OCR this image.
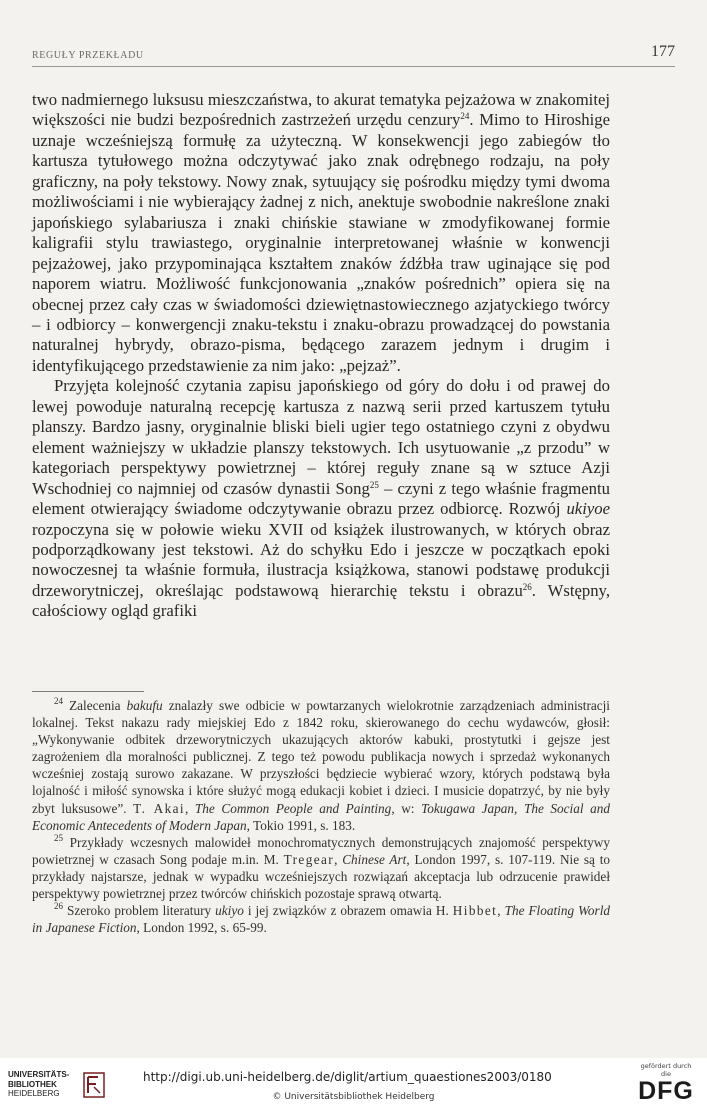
REGUŁY PRZEKŁADU	177

two nadmiernego luksusu mieszczaństwa, to akurat tematyka pejzażowa w znakomitej większości nie budzi bezpośrednich zastrzeżeń urzędu cenzury$^{24}$. Mimo to Hiroshige uznaje wcześniejszą formułę za użyteczną. W konsekwencji jego zabiegów tło kartusza tytułowego można odczytywać jako znak odrębnego rodzaju, na poły graficzny, na poły tekstowy. Nowy znak, sytuujący się pośrodku między tymi dwoma możliwościami i nie wybierający żadnej z nich, anektuje swobodnie nakreślone znaki japońskiego sylabariusza i znaki chińskie stawiane w zmodyfikowanej formie kaligrafii stylu trawiastego, oryginalnie interpretowanej właśnie w konwencji pejzażowej, jako przypominająca kształtem znaków źdźbła traw uginające się pod naporem wiatru. Możliwość funkcjonowania „znaków pośrednich” opiera się na obecnej przez cały czas w świadomości dziewiętnastowiecznego azjatyckiego twórcy – i odbiorcy – konwergencji znaku-tekstu i znaku-obrazu prowadzącej do powstania naturalnej hybrydy, obrazo-pisma, będącego zarazem jednym i drugim i identyfikującego przedstawienie za nim jako: „pejzaż”.

Przyjęta kolejność czytania zapisu japońskiego od góry do dołu i od prawej do lewej powoduje naturalną recepcję kartusza z nazwą serii przed kartuszem tytułu planszy. Bardzo jasny, oryginalnie bliski bieli ugier tego ostatniego czyni z obydwu element ważniejszy w układzie planszy tekstowych. Ich usytuowanie „z przodu” w kategoriach perspektywy powietrznej – której reguły znane są w sztuce Azji Wschodniej co najmniej od czasów dynastii Song$^{25}$ – czyni z tego właśnie fragmentu element otwierający świadome odczytywanie obrazu przez odbiorcę. Rozwój ukiyoe rozpoczyna się w połowie wieku XVII od książek ilustrowanych, w których obraz podporządkowany jest tekstowi. Aż do schyłku Edo i jeszcze w początkach epoki nowoczesnej ta właśnie formuła, ilustracja książkowa, stanowi podstawę produkcji drzeworytniczej, określając podstawową hierarchię tekstu i obrazu$^{26}$. Wstępny, całościowy ogląd grafiki

$^{24}$ Zalecenia bakufu znalazły swe odbicie w powtarzanych wielokrotnie zarządzeniach administracji lokalnej. Tekst nakazu rady miejskiej Edo z 1842 roku, skierowanego do cechu wydawców, głosił: „Wykonywanie odbitek drzeworytniczych ukazujących aktorów kabuki, prostytutki i gejsze jest zagrożeniem dla moralności publicznej. Z tego też powodu publikacja nowych i sprzedaż wykonanych wcześniej zostają surowo zakazane. W przyszłości będziecie wybierać wzory, których podstawą była lojalność i miłość synowska i które służyć mogą edukacji kobiet i dzieci. I musicie dopatrzyć, by nie były zbyt luksusowe”. T. Akai, The Common People and Painting, w: Tokugawa Japan, The Social and Economic Antecedents of Modern Japan, Tokio 1991, s. 183.

$^{25}$ Przykłady wczesnych malowideł monochromatycznych demonstrujących znajomość perspektywy powietrznej w czasach Song podaje m.in. M. Tregear, Chinese Art, London 1997, s. 107-119. Nie są to przykłady najstarsze, jednak w wypadku wcześniejszych rozwiązań akceptacja lub odrzucenie prawideł perspektywy powietrznej przez twórców chińskich pozostaje sprawą otwartą.

$^{26}$ Szeroko problem literatury ukiyo i jej związków z obrazem omawia H. Hibbet, The Floating World in Japanese Fiction, London 1992, s. 65-99.

UNIVERSITÄTS-
BIBLIOTHEK
HEIDELBERG
http://digi.ub.uni-heidelberg.de/diglit/artium_quaestiones2003/0180
© Universitätsbibliothek Heidelberg
gefördert durch die
DFG
